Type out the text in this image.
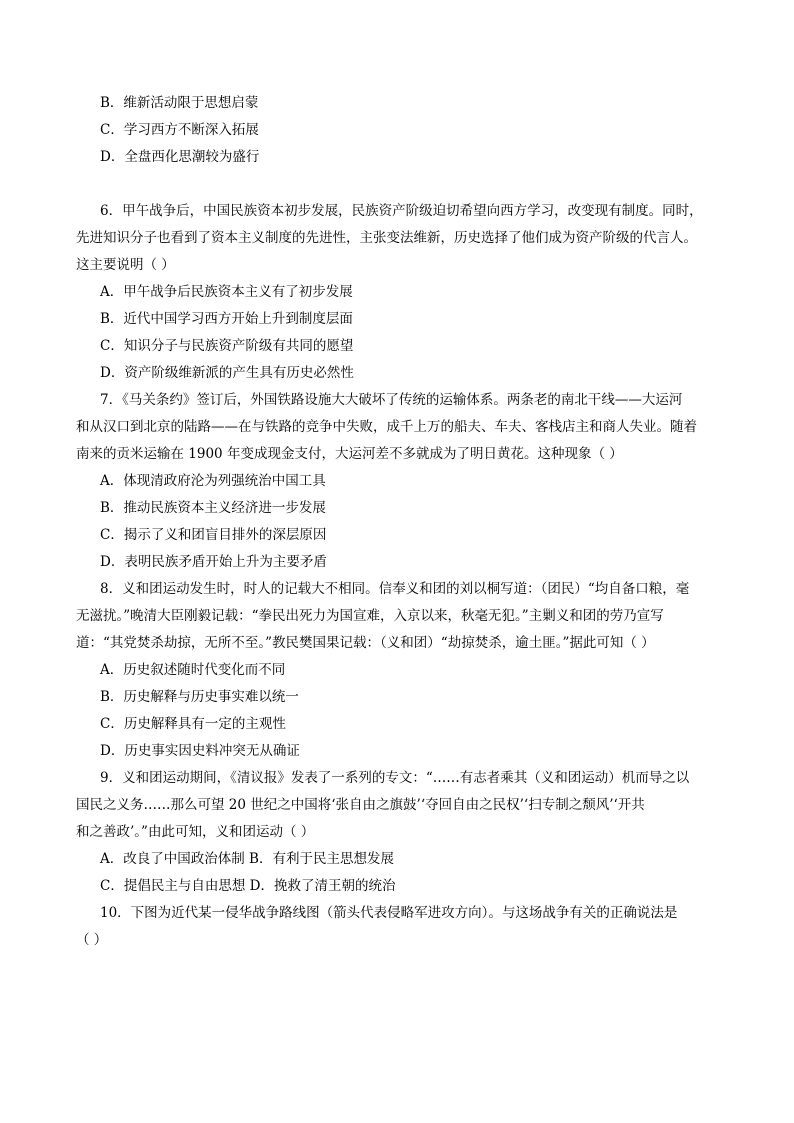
B．维新活动限于思想启蒙
C．学习西方不断深入拓展
D．全盘西化思潮较为盛行
6．甲午战争后，中国民族资本初步发展，民族资产阶级迫切希望向西方学习，改变现有制度。同时，
先进知识分子也看到了资本主义制度的先进性，主张变法维新，历史选择了他们成为资产阶级的代言人。
这主要说明（ ）
A．甲午战争后民族资本主义有了初步发展
B．近代中国学习西方开始上升到制度层面
C．知识分子与民族资产阶级有共同的愿望
D．资产阶级维新派的产生具有历史必然性
7．《马关条约》签订后，外国铁路设施大大破坏了传统的运输体系。两条老的南北干线——大运河
和从汉口到北京的陆路——在与铁路的竞争中失败，成千上万的船夫、车夫、客栈店主和商人失业。随着
南来的贡米运输在 1900 年变成现金支付，大运河差不多就成为了明日黄花。这种现象（ ）
A．体现清政府沦为列强统治中国工具
B．推动民族资本主义经济进一步发展
C．揭示了义和团盲目排外的深层原因
D．表明民族矛盾开始上升为主要矛盾
8．义和团运动发生时，时人的记载大不相同。信奉义和团的刘以桐写道：（团民）“均自备口粮，毫
无滋扰。”晚清大臣刚毅记载：“拳民出死力为国宣难，入京以来，秋毫无犯。”主剿义和团的劳乃宣写
道：“其党焚杀劫掠，无所不至。”教民樊国果记载：（义和团）“劫掠焚杀，逾土匪。”据此可知（ ）
A．历史叙述随时代变化而不同
B．历史解释与历史事实难以统一
C．历史解释具有一定的主观性
D．历史事实因史料冲突无从确证
9．义和团运动期间，《清议报》发表了一系列的专文：“……有志者乘其（义和团运动）机而导之以
国民之义务……那么可望 20 世纪之中国将‘张自由之旗鼓’‘夺回自由之民权’‘扫专制之颓风’‘开共
和之善政’。”由此可知，义和团运动（ ）
A．改良了中国政治体制 B．有利于民主思想发展
C．提倡民主与自由思想 D．挽救了清王朝的统治
10．下图为近代某一侵华战争路线图（箭头代表侵略军进攻方向）。与这场战争有关的正确说法是
（ ）
